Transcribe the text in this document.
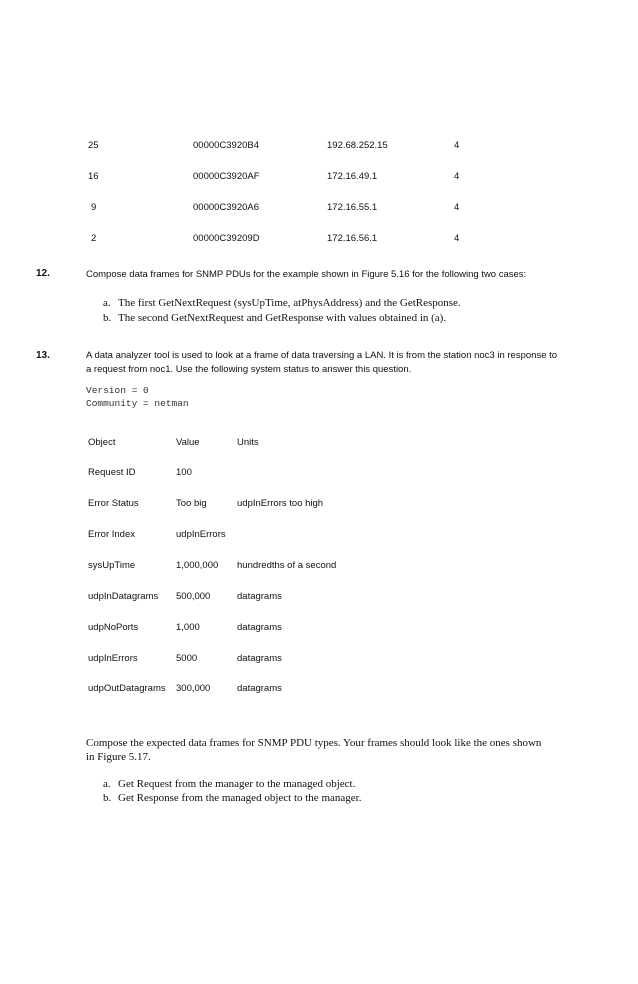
25	00000C3920B4	192.68.252.15	4
16	00000C3920AF	172.16.49.1	4
9	00000C3920A6	172.16.55.1	4
2	00000C39209D	172.16.56.1	4
12.	Compose data frames for SNMP PDUs for the example shown in Figure 5.16 for the following two cases:
a. The first GetNextRequest (sysUpTime, atPhysAddress) and the GetResponse.
b. The second GetNextRequest and GetResponse with values obtained in (a).
13.	A data analyzer tool is used to look at a frame of data traversing a LAN. It is from the station noc3 in response to
a request from noc1. Use the following system status to answer this question.
Version = 0
Community = netman
Object	Value	Units
Request ID	100
Error Status	Too big	udpInErrors too high
Error Index	udpInErrors
sysUpTime	1,000,000 hundredths of a second
udpInDatagrams 500,000	datagrams
udpNoPorts	1,000	datagrams
udpInErrors	5000	datagrams
udpOutDatagrams 300,000	datagrams
Compose the expected data frames for SNMP PDU types. Your frames should look like the ones shown
in Figure 5.17.
a. Get Request from the manager to the managed object.
b. Get Response from the managed object to the manager.
